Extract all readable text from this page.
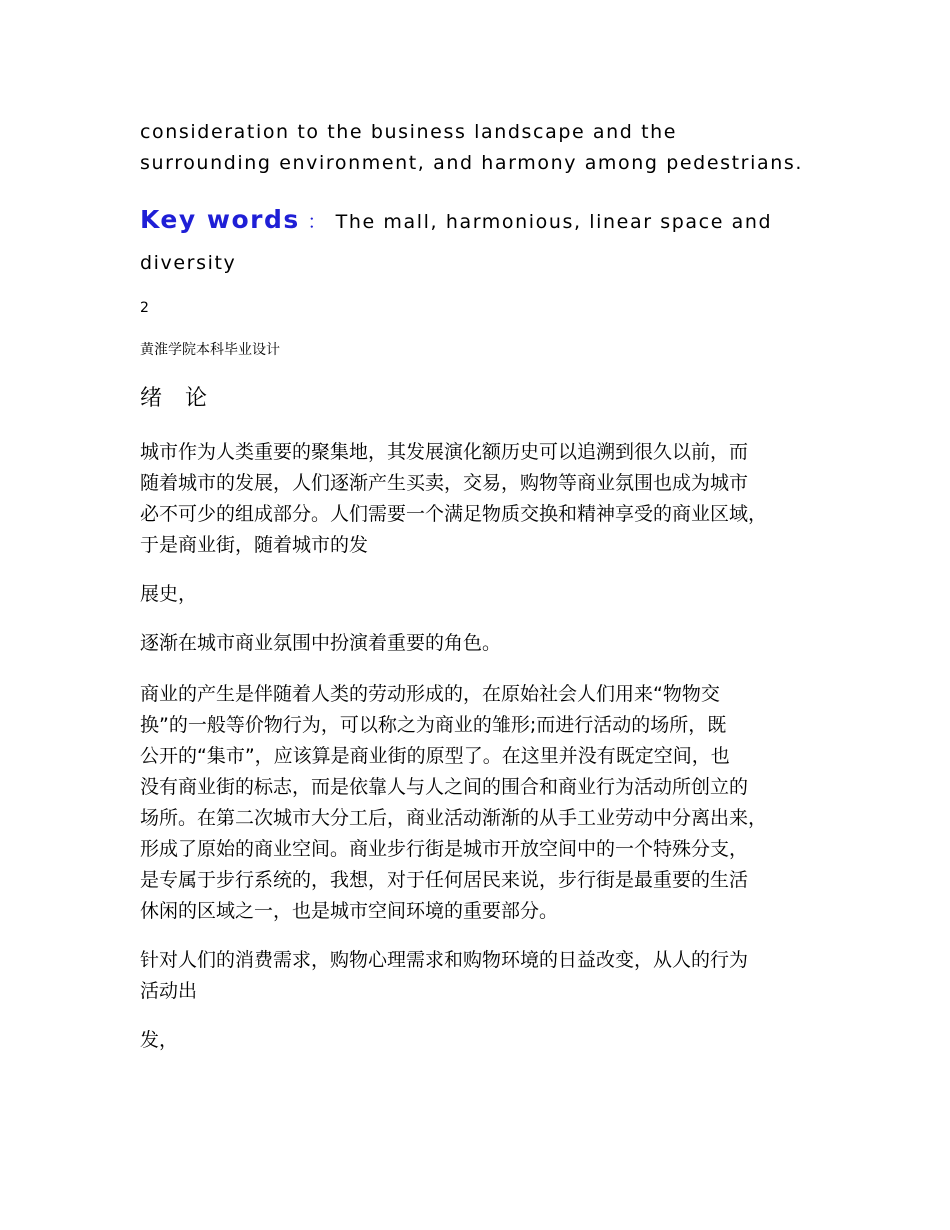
consideration to the business landscape and the
surrounding environment, and harmony among pedestrians.
Key words ： The mall, harmonious, linear space and
diversity
2
黄淮学院本科毕业设计
绪 论
城市作为人类重要的聚集地，其发展演化额历史可以追溯到很久以前，而
随着城市的发展，人们逐渐产生买卖，交易，购物等商业氛围也成为城市
必不可少的组成部分。人们需要一个满足物质交换和精神享受的商业区域，
于是商业街，随着城市的发
展史，
逐渐在城市商业氛围中扮演着重要的角色。
商业的产生是伴随着人类的劳动形成的，在原始社会人们用来“物物交
换”的一般等价物行为，可以称之为商业的雏形;而进行活动的场所，既
公开的“集市”，应该算是商业街的原型了。在这里并没有既定空间，也
没有商业街的标志，而是依靠人与人之间的围合和商业行为活动所创立的
场所。在第二次城市大分工后，商业活动渐渐的从手工业劳动中分离出来，
形成了原始的商业空间。商业步行街是城市开放空间中的一个特殊分支，
是专属于步行系统的，我想，对于任何居民来说，步行街是最重要的生活
休闲的区域之一，也是城市空间环境的重要部分。
针对人们的消费需求，购物心理需求和购物环境的日益改变，从人的行为
活动出
发，
